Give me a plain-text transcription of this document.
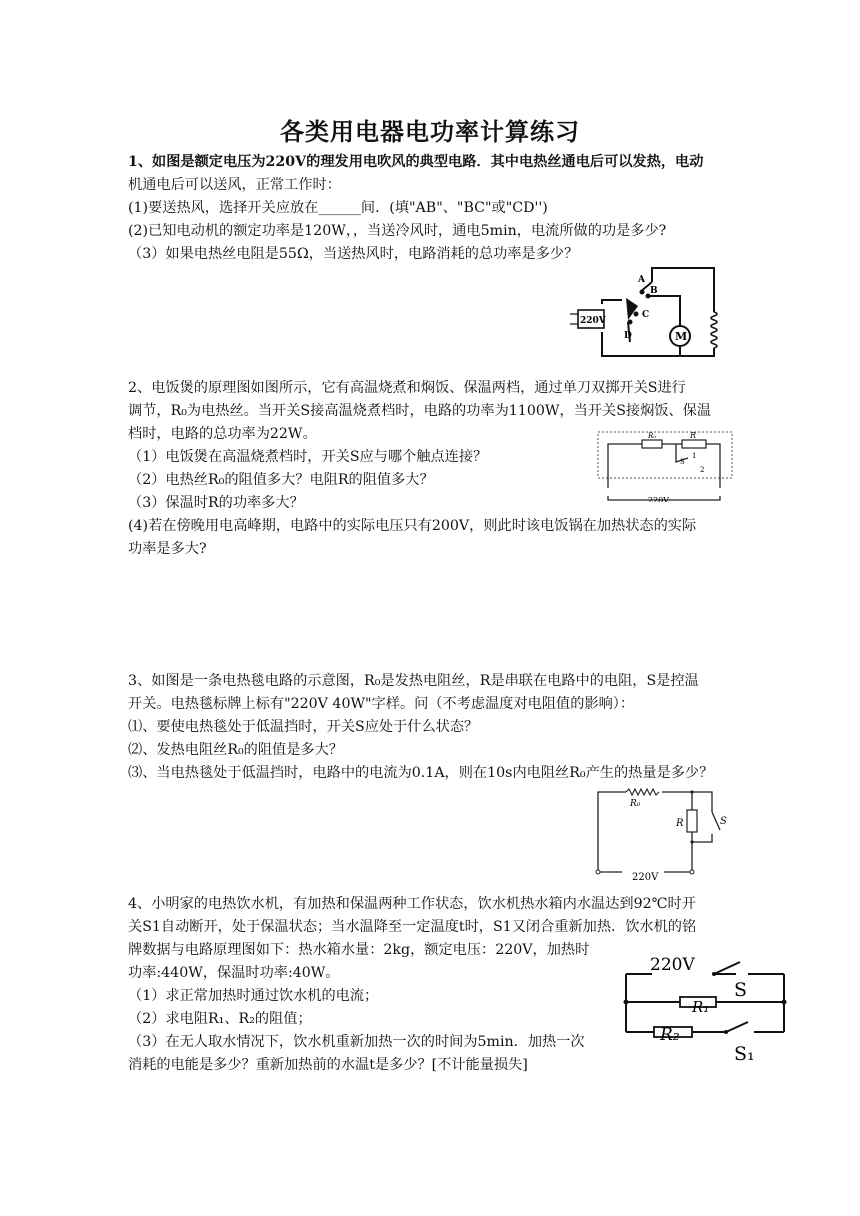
各类用电器电功率计算练习
1、如图是额定电压为220V的理发用电吹风的典型电路．其中电热丝通电后可以发热，电动
机通电后可以送风，正常工作时：
(1)要送热风，选择开关应放在______间．(填"AB"、"BC"或"CD'')
(2)已知电动机的额定功率是120W，，当送冷风时，通电5min，电流所做的功是多少?
（3）如果电热丝电阻是55Ω，当送热风时，电路消耗的总功率是多少？
220V
M
A
B
C
D
2、电饭煲的原理图如图所示，它有高温烧煮和焖饭、保温两档，通过单刀双掷开关S进行
调节，R₀为电热丝。当开关S接高温烧煮档时，电路的功率为1100W，当开关S接焖饭、保温
档时，电路的总功率为22W。
（1）电饭煲在高温烧煮档时，开关S应与哪个触点连接？
（2）电热丝R₀的阻值多大？电阻R的阻值多大？
（3）保温时R的功率多大？
(4)若在傍晚用电高峰期，电路中的实际电压只有200V，则此时该电饭锅在加热状态的实际
功率是多大?
R₀	R
S
1
2
220V
3、如图是一条电热毯电路的示意图，R₀是发热电阻丝，R是串联在电路中的电阻，S是控温
开关。电热毯标牌上标有"220V 40W"字样。问（不考虑温度对电阻值的影响）：
⑴、要使电热毯处于低温挡时，开关S应处于什么状态？
⑵、发热电阻丝R₀的阻值是多大？
⑶、当电热毯处于低温挡时，电路中的电流为0.1A，则在10s内电阻丝R₀产生的热量是多少？
R₀
R	S
220V
4、小明家的电热饮水机，有加热和保温两种工作状态，饮水机热水箱内水温达到92℃时开
关S1自动断开，处于保温状态；当水温降至一定温度t时，S1又闭合重新加热．饮水机的铭
牌数据与电路原理图如下：热水箱水量：2kg，额定电压：220V，加热时
功率:440W，保温时功率:40W。
（1）求正常加热时通过饮水机的电流；
（2）求电阻R₁、R₂的阻值；
（3）在无人取水情况下，饮水机重新加热一次的时间为5min．加热一次
消耗的电能是多少？重新加热前的水温t是多少？[不计能量损失]
220V
S
R₁
R₂
S₁
